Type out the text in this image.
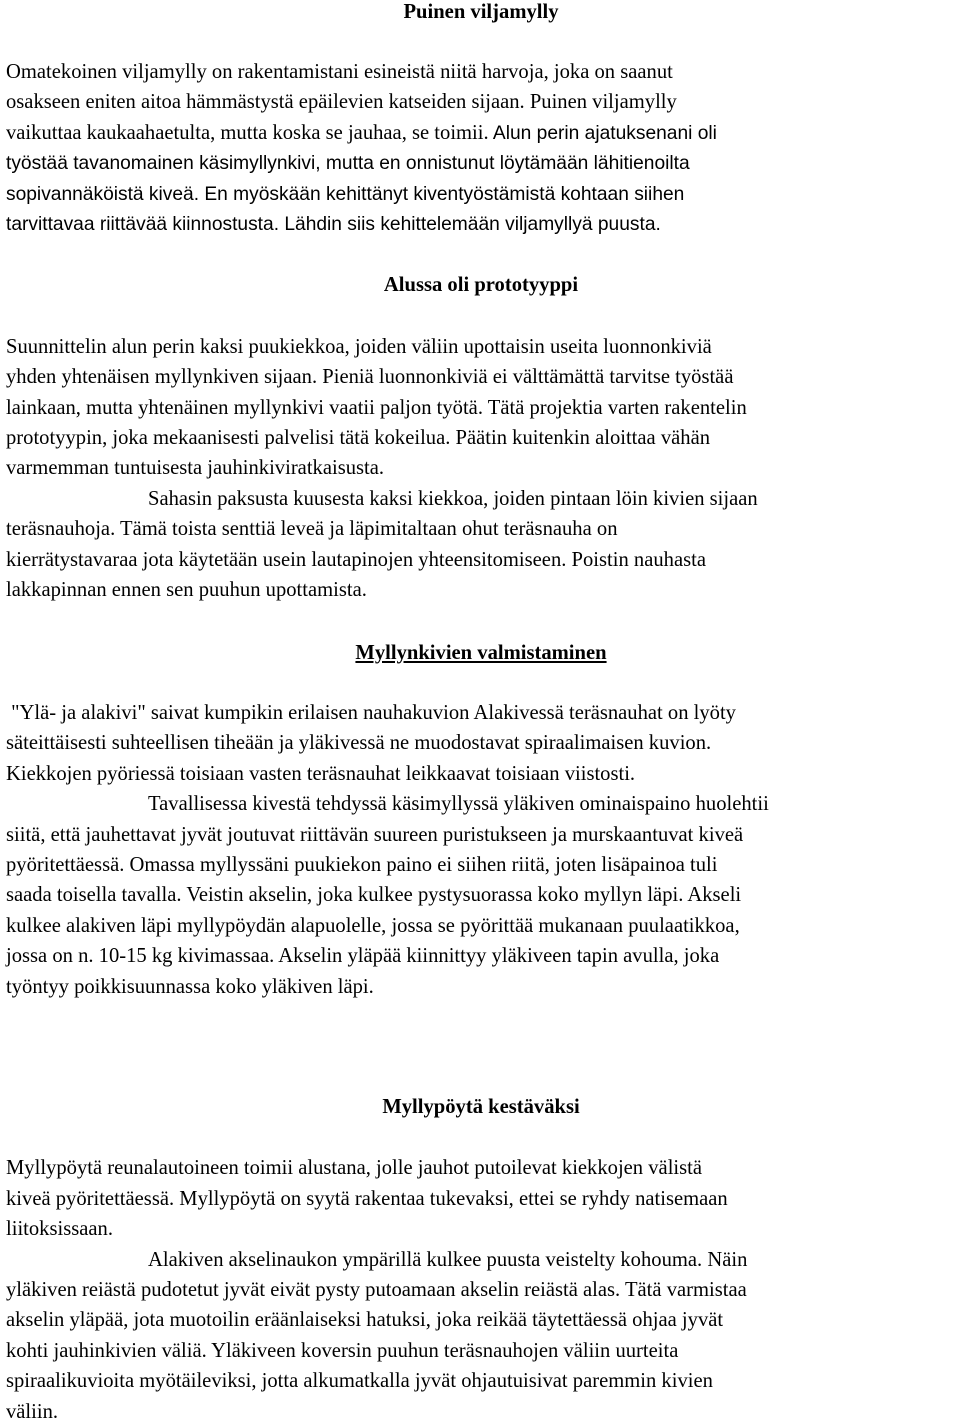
Puinen viljamylly
Omatekoinen viljamylly on rakentamistani esineistä niitä harvoja, joka on saanut
osakseen eniten aitoa hämmästystä epäilevien katseiden sijaan. Puinen viljamylly
vaikuttaa kaukaahaetulta, mutta koska se jauhaa, se toimii. Alun perin ajatuksenani oli
työstää tavanomainen käsimyllynkivi, mutta en onnistunut löytämään lähitienoilta
sopivannäköistä kiveä. En myöskään kehittänyt kiventyöstämistä kohtaan siihen
tarvittavaa riittävää kiinnostusta. Lähdin siis kehittelemään viljamyllyä puusta.
Alussa oli prototyyppi
Suunnittelin alun perin kaksi puukiekkoa, joiden väliin upottaisin useita luonnonkiviä
yhden yhtenäisen myllynkiven sijaan. Pieniä luonnonkiviä ei välttämättä tarvitse työstää
lainkaan, mutta yhtenäinen myllynkivi vaatii paljon työtä. Tätä projektia varten rakentelin
prototyypin, joka mekaanisesti palvelisi tätä kokeilua. Päätin kuitenkin aloittaa vähän
varmemman tuntuisesta jauhinkiviratkaisusta.
Sahasin paksusta kuusesta kaksi kiekkoa, joiden pintaan löin kivien sijaan
teräsnauhoja. Tämä toista senttiä leveä ja läpimitaltaan ohut teräsnauha on
kierrätystavaraa jota käytetään usein lautapinojen yhteensitomiseen. Poistin nauhasta
lakkapinnan ennen sen puuhun upottamista.
Myllynkivien valmistaminen
"Ylä- ja alakivi" saivat kumpikin erilaisen nauhakuvion Alakivessä teräsnauhat on lyöty
säteittäisesti suhteellisen tiheään ja yläkivessä ne muodostavat spiraalimaisen kuvion.
Kiekkojen pyöriessä toisiaan vasten teräsnauhat leikkaavat toisiaan viistosti.
Tavallisessa kivestä tehdyssä käsimyllyssä yläkiven ominaispaino huolehtii
siitä, että jauhettavat jyvät joutuvat riittävän suureen puristukseen ja murskaantuvat kiveä
pyöritettäessä. Omassa myllyssäni puukiekon paino ei siihen riitä, joten lisäpainoa tuli
saada toisella tavalla. Veistin akselin, joka kulkee pystysuorassa koko myllyn läpi. Akseli
kulkee alakiven läpi myllypöydän alapuolelle, jossa se pyörittää mukanaan puulaatikkoa,
jossa on n. 10-15 kg kivimassaa. Akselin yläpää kiinnittyy yläkiveen tapin avulla, joka
työntyy poikkisuunnassa koko yläkiven läpi.
Myllypöytä kestäväksi
Myllypöytä reunalautoineen toimii alustana, jolle jauhot putoilevat kiekkojen välistä
kiveä pyöritettäessä. Myllypöytä on syytä rakentaa tukevaksi, ettei se ryhdy natisemaan
liitoksissaan.
Alakiven akselinaukon ympärillä kulkee puusta veistelty kohouma. Näin
yläkiven reiästä pudotetut jyvät eivät pysty putoamaan akselin reiästä alas. Tätä varmistaa
akselin yläpää, jota muotoilin eräänlaiseksi hatuksi, joka reikää täytettäessä ohjaa jyvät
kohti jauhinkivien väliä. Yläkiveen koversin puuhun teräsnauhojen väliin uurteita
spiraalikuvioita myötäileviksi, jotta alkumatkalla jyvät ohjautuisivat paremmin kivien
väliin.
